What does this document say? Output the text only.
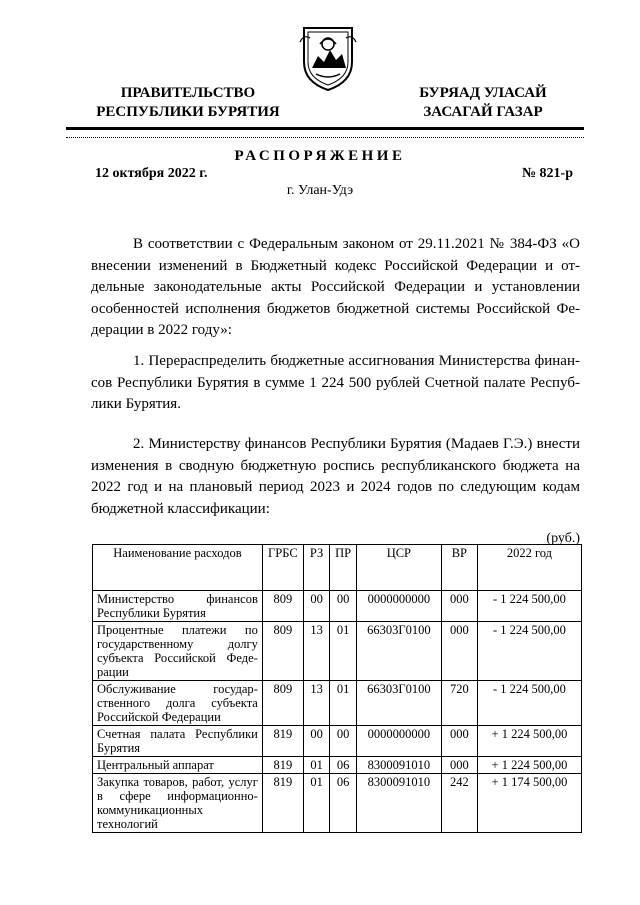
ПРАВИТЕЛЬСТВО
РЕСПУБЛИКИ БУРЯТИЯ
БУРЯАД УЛАСАЙ
ЗАСАГАЙ ГАЗАР
РАСПОРЯЖЕНИЕ
12 октября 2022 г.	№ 821-р
г. Улан-Удэ

В соответствии с Федеральным законом от 29.11.2021 № 384-ФЗ «О внесении изменений в Бюджетный кодекс Российской Федерации и отдельные законодательные акты Российской Федерации и установлении особенностей исполнения бюджетов бюджетной системы Российской Федерации в 2022 году»:

1. Перераспределить бюджетные ассигнования Министерства финансов Республики Бурятия в сумме 1 224 500 рублей Счетной палате Республики Бурятия.

2. Министерству финансов Республики Бурятия (Мадаев Г.Э.) внести изменения в сводную бюджетную роспись республиканского бюджета на 2022 год и на плановый период 2023 и 2024 годов по следующим кодам бюджетной классификации:

(руб.)
Наименование расходов	ГРБС	РЗ	ПР	ЦСР	ВР	2022 год
Министерство финансов Республики Бурятия	809	00	00	0000000000	000	- 1 224 500,00
Процентные платежи по государственному долгу субъекта Российской Федерации	809	13	01	66303Г0100	000	- 1 224 500,00
Обслуживание государственного долга субъекта Российской Федерации	809	13	01	66303Г0100	720	- 1 224 500,00
Счетная палата Республики Бурятия	819	00	00	0000000000	000	+ 1 224 500,00
Центральный аппарат	819	01	06	8300091010	000	+ 1 224 500,00
Закупка товаров, работ, услуг в сфере информационно-коммуникационных технологий	819	01	06	8300091010	242	+ 1 174 500,00
